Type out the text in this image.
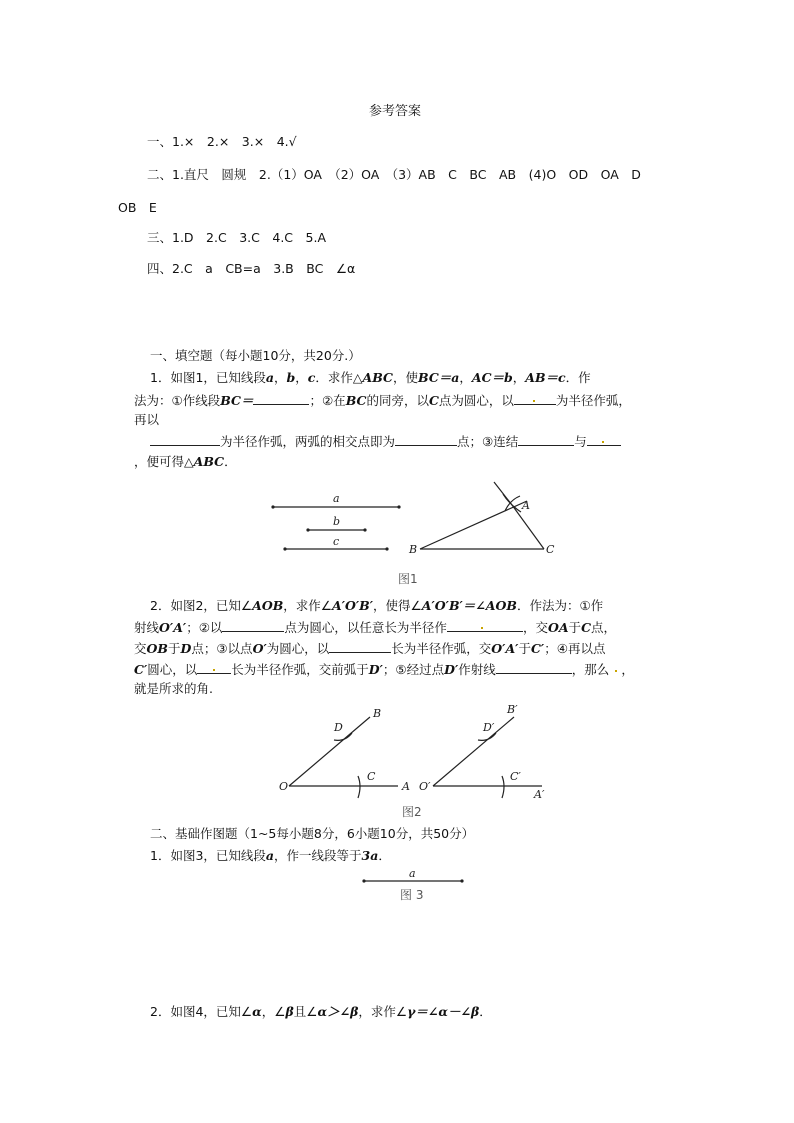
参考答案
一、1.×　2.×　3.×　4.√
二、1.直尺　圆规　2.（1）OA　（2）OA　（3）AB　C　BC　AB　(4)O　OD　OA　D
OB　E
三、1.D　2.C　3.C　4.C　5.A
四、2.C　a　CB=a　3.B　BC　∠α
一、填空题（每小题10分，共20分.）
1．如图1，已知线段a，b，c．求作△ABC，使BC＝a，AC＝b，AB＝c．作
法为：①作线段BC＝	；②在BC的同旁，以C点为圆心，以	为半径作弧，
再以
为半径作弧，两弧的相交点即为	点；③连结	与
，便可得△ABC．
a
b
c
A
B	C
图1
2．如图2，已知∠AOB，求作∠A′O′B′，使得∠A′O′B′＝∠AOB．作法为：①作
射线O′A′；②以	点为圆心，以任意长为半径作	，交OA于C点，
交OB于D点；③以点O′为圆心，以	长为半径作弧，交O′A′于C′；④再以点
C′圆心，以	长为半径作弧，交前弧于D′；⑤经过点D′作射线	，那么 ，
就是所求的角.
O	A
B
C
D
O′
A′
B′
C′
D′
图2
二、基础作图题（1~5每小题8分，6小题10分，共50分）
1．如图3，已知线段a，作一线段等于3a．
a
图 3
2．如图4，已知∠α，∠β且∠α＞∠β，求作∠γ＝∠α－∠β．
